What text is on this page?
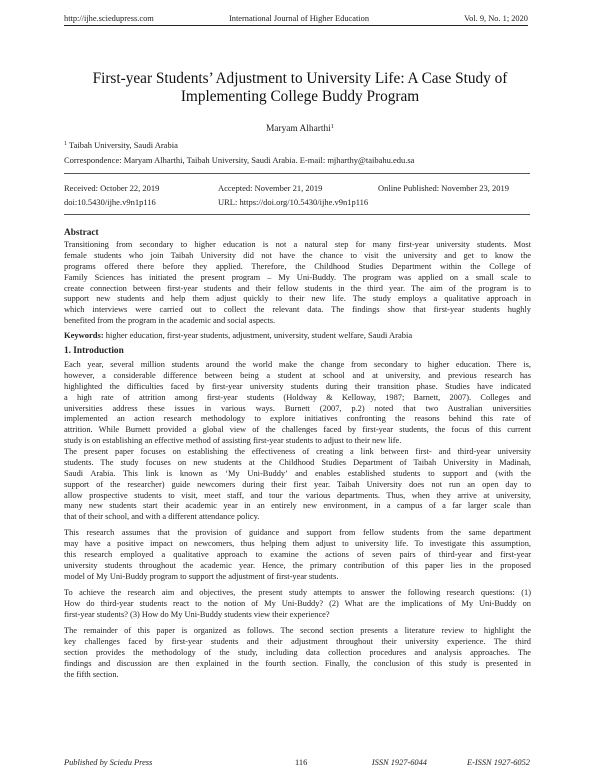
http://ijhe.sciedupress.com	International Journal of Higher Education	Vol. 9, No. 1; 2020
First-year Students’ Adjustment to University Life: A Case Study of
Implementing College Buddy Program
Maryam Alharthi$^1$
$^1$ Taibah University, Saudi Arabia
Correspondence: Maryam Alharthi, Taibah University, Saudi Arabia. E-mail: mjharthy@taibahu.edu.sa
Received: October 22, 2019	Accepted: November 21, 2019	Online Published: November 23, 2019
doi:10.5430/ijhe.v9n1p116	URL: https://doi.org/10.5430/ijhe.v9n1p116
Abstract
Transitioning from secondary to higher education is not a natural step for many first-year university students. Most
female students who join Taibah University did not have the chance to visit the university and get to know the
programs offered there before they applied. Therefore, the Childhood Studies Department within the College of
Family Sciences has initiated the present program – My Uni-Buddy. The program was applied on a small scale to
create connection between first-year students and their fellow students in the third year. The aim of the program is to
support new students and help them adjust quickly to their new life. The study employs a qualitative approach in
which interviews were carried out to collect the relevant data. The findings show that first-year students hughly
benefited from the program in the academic and social aspects.
Keywords: higher education, first-year students, adjustment, university, student welfare, Saudi Arabia
1. Introduction
Each year, several million students around the world make the change from secondary to higher education. There is,
however, a considerable difference between being a student at school and at university, and previous research has
highlighted the difficulties faced by first-year university students during their transition phase. Studies have indicated
a high rate of attrition among first-year students (Holdway & Kelloway, 1987; Barnett, 2007). Colleges and
universities address these issues in various ways. Burnett (2007, p.2) noted that two Australian universities
implemented an action research methodology to explore initiatives confronting the reasons behind this rate of
attrition. While Burnett provided a global view of the challenges faced by first-year students, the focus of this current
study is on establishing an effective method of assisting first-year students to adjust to their new life.
The present paper focuses on establishing the effectiveness of creating a link between first- and third-year university
students. The study focuses on new students at the Childhood Studies Department of Taibah University in Madinah,
Saudi Arabia. This link is known as ‘My Uni-Buddy’ and enables established students to support and (with the
support of the researcher) guide newcomers during their first year. Taibah University does not run an open day to
allow prospective students to visit, meet staff, and tour the various departments. Thus, when they arrive at university,
many new students start their academic year in an entirely new environment, in a campus of a far larger scale than
that of their school, and with a different attendance policy.
This research assumes that the provision of guidance and support from fellow students from the same department
may have a positive impact on newcomers, thus helping them adjust to university life. To investigate this assumption,
this research employed a qualitative approach to examine the actions of seven pairs of third-year and first-year
university students throughout the academic year. Hence, the primary contribution of this paper lies in the proposed
model of My Uni-Buddy program to support the adjustment of first-year students.
To achieve the research aim and objectives, the present study attempts to answer the following research questions: (1)
How do third-year students react to the notion of My Uni-Buddy? (2) What are the implications of My Uni-Buddy on
first-year students? (3) How do My Uni-Buddy students view their experience?
The remainder of this paper is organized as follows. The second section presents a literature review to highlight the
key challenges faced by first-year students and their adjustment throughout their university experience. The third
section provides the methodology of the study, including data collection procedures and analysis approaches. The
findings and discussion are then explained in the fourth section. Finally, the conclusion of this study is presented in
the fifth section.
Published by Sciedu Press	116	ISSN 1927-6044	E-ISSN 1927-6052
